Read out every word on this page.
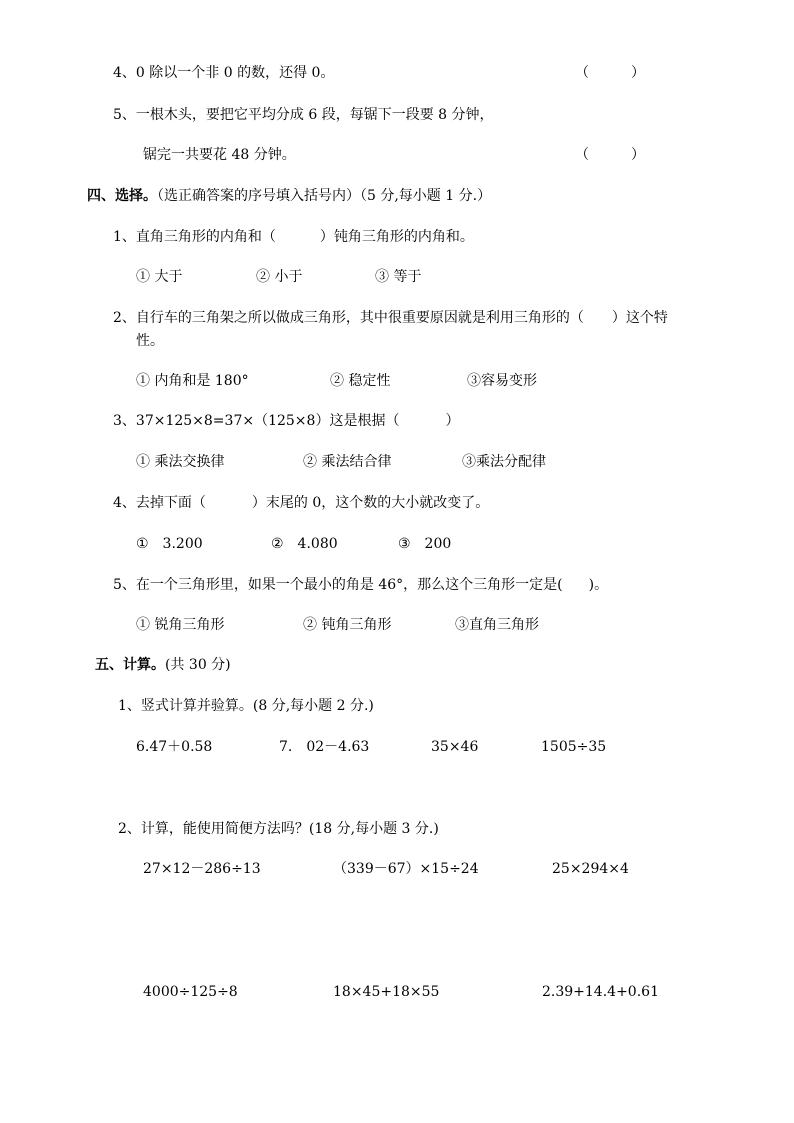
4、0 除以一个非 0 的数，还得 0。	（　　　）
5、一根木头，要把它平均分成 6 段，每锯下一段要 8 分钟，
锯完一共要花 48 分钟。	（　　　）
四、选择。（选正确答案的序号填入括号内）（5 分,每小题 1 分.）
1、直角三角形的内角和（	）钝角三角形的内角和。
① 大于	② 小于	③ 等于
2、自行车的三角架之所以做成三角形，其中很重要原因就是利用三角形的（ ）这个特
性。
① 内角和是 180°	② 稳定性	③容易变形
3、37×125×8=37×（125×8）这是根据（	）
① 乘法交换律	② 乘法结合律	③乘法分配律
4、去掉下面（	）末尾的 0，这个数的大小就改变了。
①　3.200	②　4.080	③　200
5、在一个三角形里，如果一个最小的角是 46°，那么这个三角形一定是( )。
① 锐角三角形	② 钝角三角形	③直角三角形
五、计算。(共 30 分)
1、竖式计算并验算。(8 分,每小题 2 分.)
6.47＋0.58	7.　02－4.63	35×46	1505÷35
2、计算，能使用简便方法吗？(18 分,每小题 3 分.)
27×12－286÷13	（339－67）×15÷24	25×294×4
4000÷125÷8	18×45+18×55	2.39+14.4+0.61
